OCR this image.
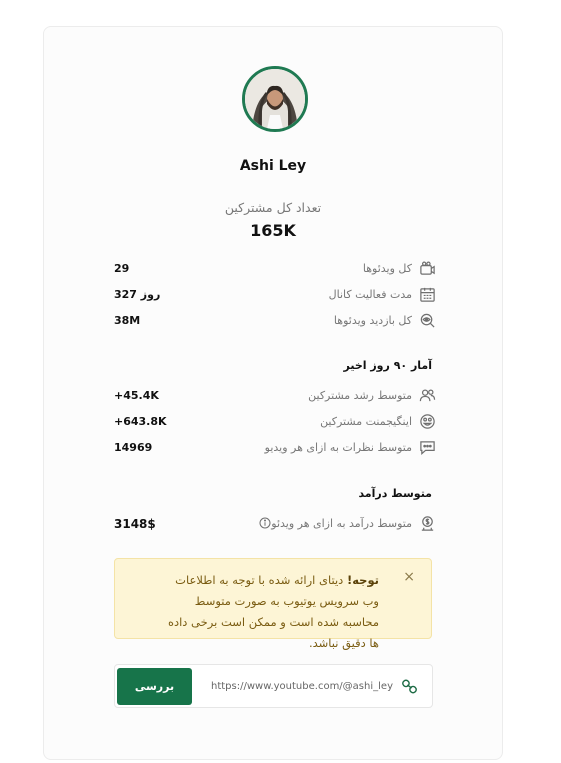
Ashi Ley
تعداد کل مشترکین
165K
29	کل ویدئوها
327 روز	مدت فعالیت کانال
38M	کل بازدید ویدئوها
آمار ۹۰ روز اخیر
+45.4K	متوسط رشد مشترکین
+643.8K	اینگیجمنت مشترکین
14969	متوسط نظرات به ازای هر ویدیو
متوسط درآمد
3148$	متوسط درآمد به ازای هر ویدئو
×
توجه! دیتای ارائه شده با توجه به اطلاعات وب سرویس یوتیوب به صورت متوسط محاسبه شده است و ممکن است برخی داده ها دقیق نباشد.
بررسی
https://www.youtube.com/@ashi_ley
